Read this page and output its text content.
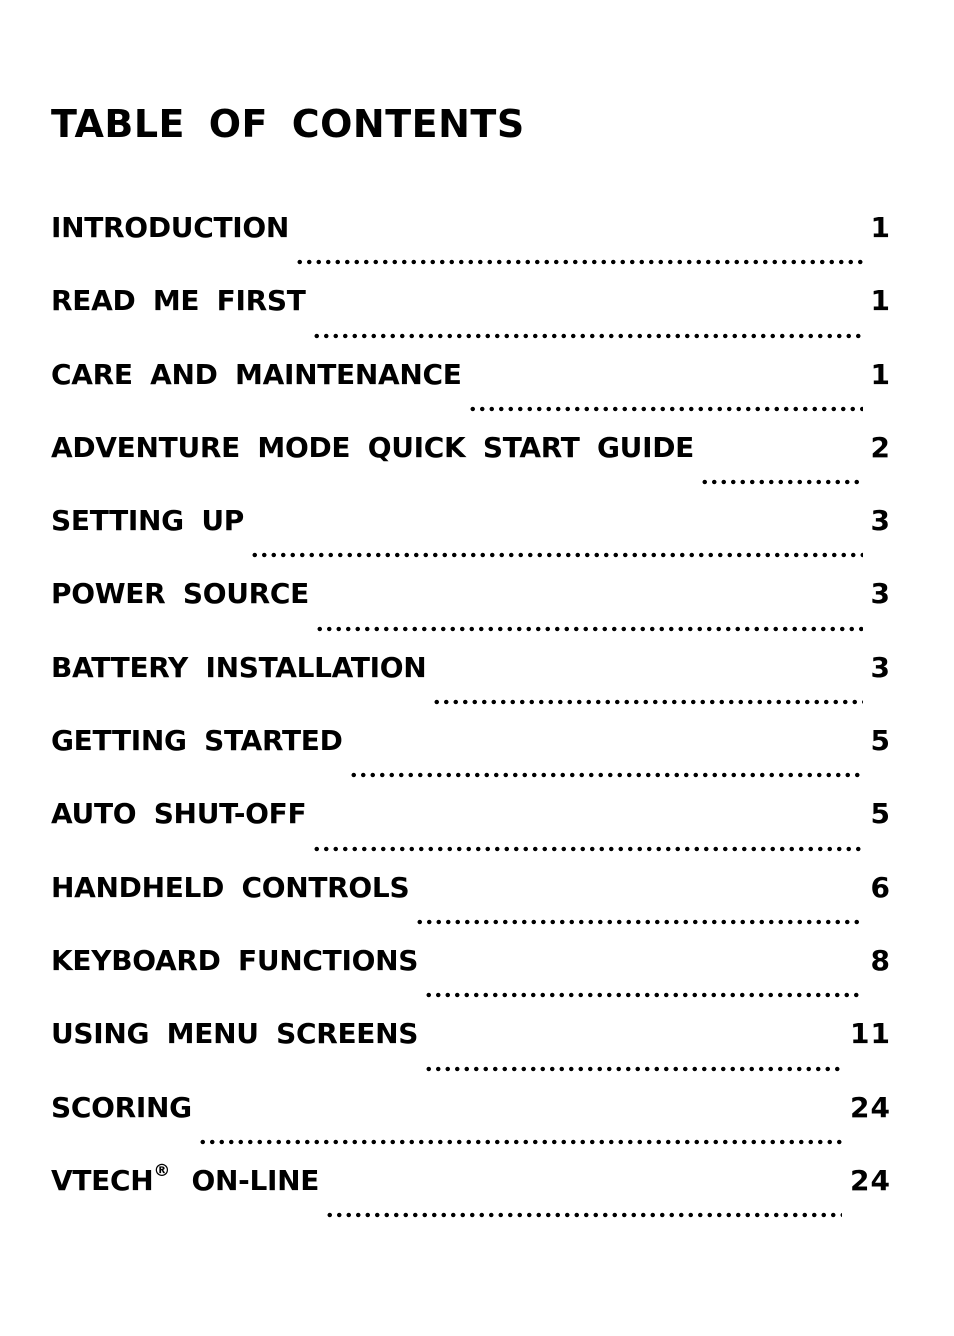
TABLE OF CONTENTS
INTRODUCTION	1
READ ME FIRST	1
CARE AND MAINTENANCE	1
ADVENTURE MODE QUICK START GUIDE	2
SETTING UP	3
POWER SOURCE	3
BATTERY INSTALLATION	3
GETTING STARTED	5
AUTO SHUT-OFF	5
HANDHELD CONTROLS	6
KEYBOARD FUNCTIONS	8
USING MENU SCREENS	11
SCORING	24
VTECH® ON-LINE	24
